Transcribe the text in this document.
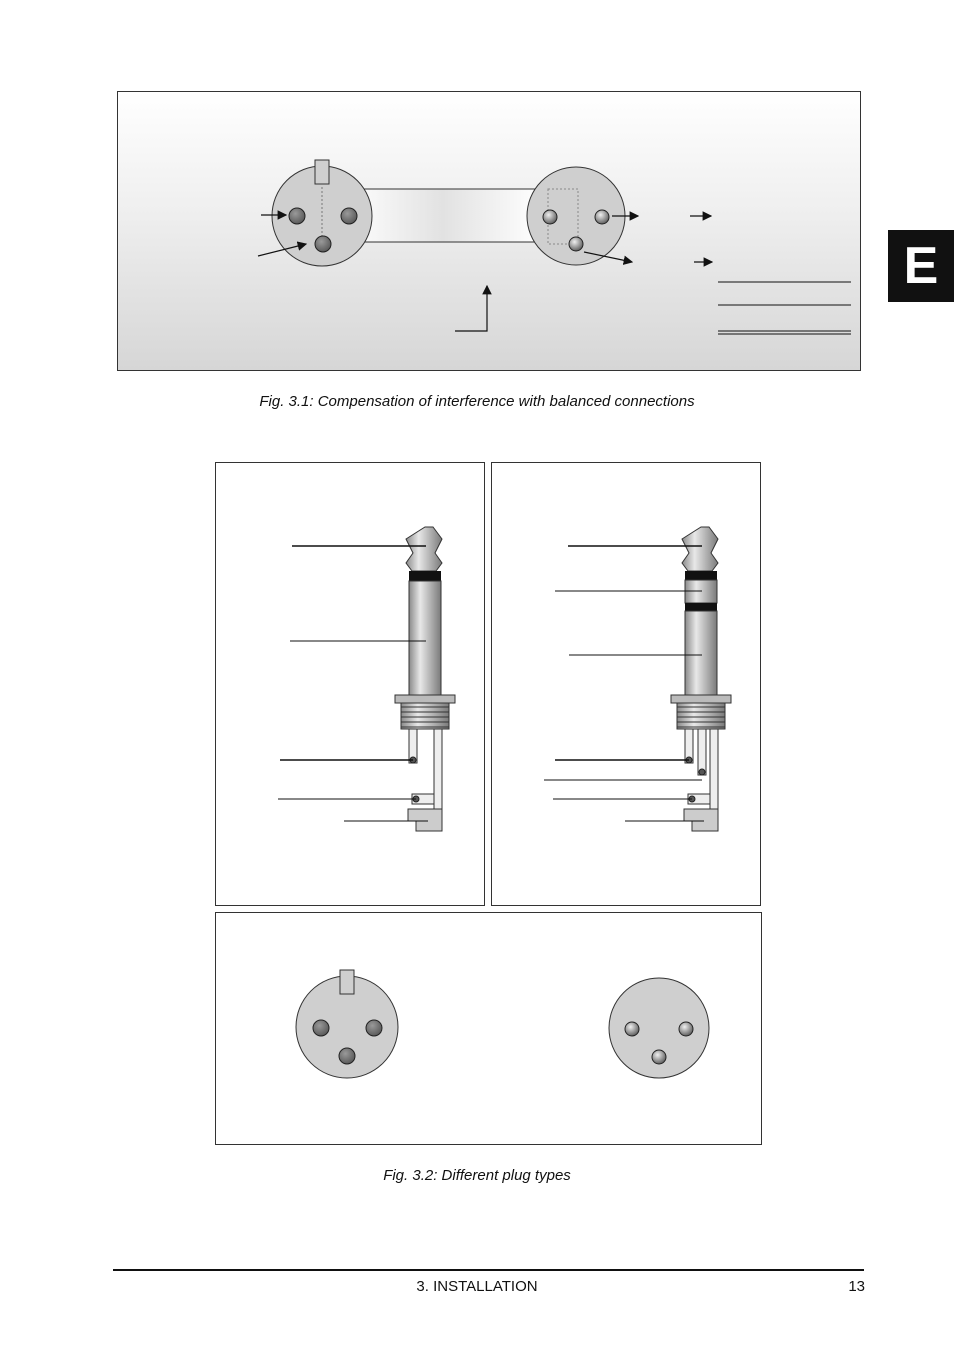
Fig. 3.1: Compensation of interference with balanced connections
Fig. 3.2: Different plug types
E
3. INSTALLATION	13
